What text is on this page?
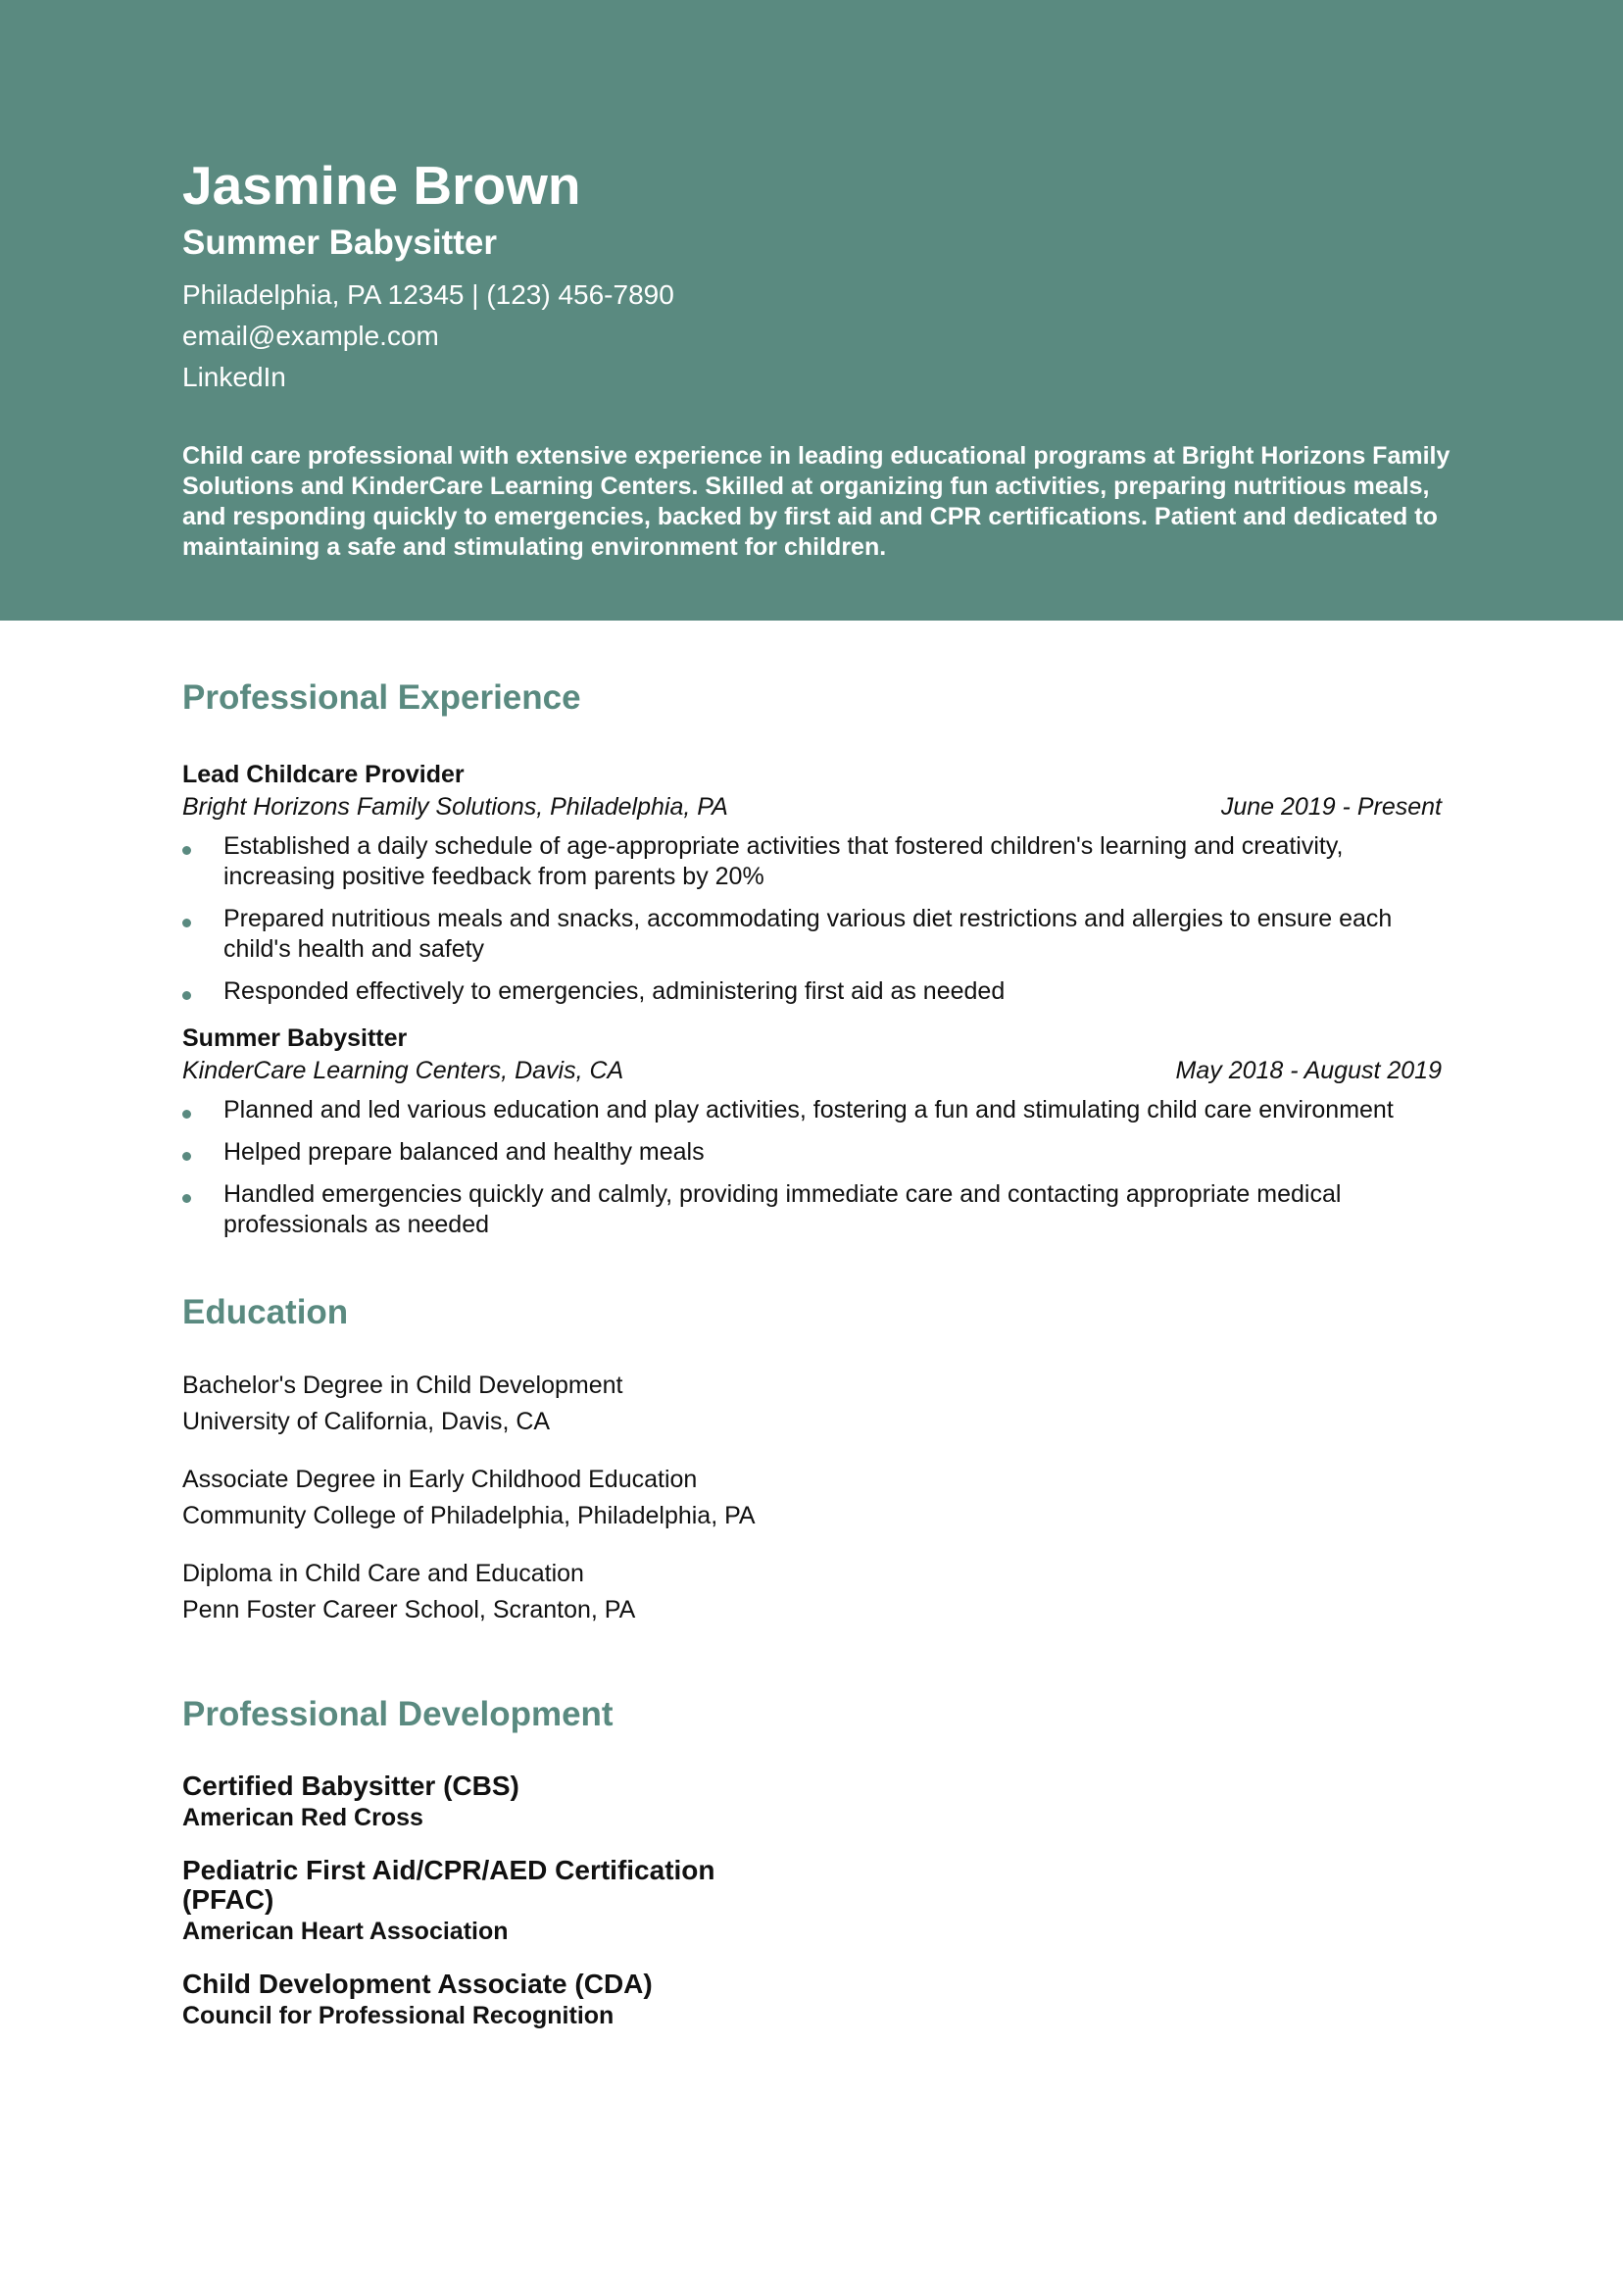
Jasmine Brown
Summer Babysitter
Philadelphia, PA 12345 | (123) 456-7890
email@example.com
LinkedIn
Child care professional with extensive experience in leading educational programs at Bright Horizons Family Solutions and KinderCare Learning Centers. Skilled at organizing fun activities, preparing nutritious meals, and responding quickly to emergencies, backed by first aid and CPR certifications. Patient and dedicated to maintaining a safe and stimulating environment for children.
Professional Experience
Lead Childcare Provider
Bright Horizons Family Solutions, Philadelphia, PA	June 2019 - Present
Established a daily schedule of age-appropriate activities that fostered children's learning and creativity, increasing positive feedback from parents by 20%
Prepared nutritious meals and snacks, accommodating various diet restrictions and allergies to ensure each child's health and safety
Responded effectively to emergencies, administering first aid as needed
Summer Babysitter
KinderCare Learning Centers, Davis, CA	May 2018 - August 2019
Planned and led various education and play activities, fostering a fun and stimulating child care environment
Helped prepare balanced and healthy meals
Handled emergencies quickly and calmly, providing immediate care and contacting appropriate medical professionals as needed
Education
Bachelor's Degree in Child Development
University of California, Davis, CA
Associate Degree in Early Childhood Education
Community College of Philadelphia, Philadelphia, PA
Diploma in Child Care and Education
Penn Foster Career School, Scranton, PA
Professional Development
Certified Babysitter (CBS)
American Red Cross
Pediatric First Aid/CPR/AED Certification (PFAC)
American Heart Association
Child Development Associate (CDA)
Council for Professional Recognition
